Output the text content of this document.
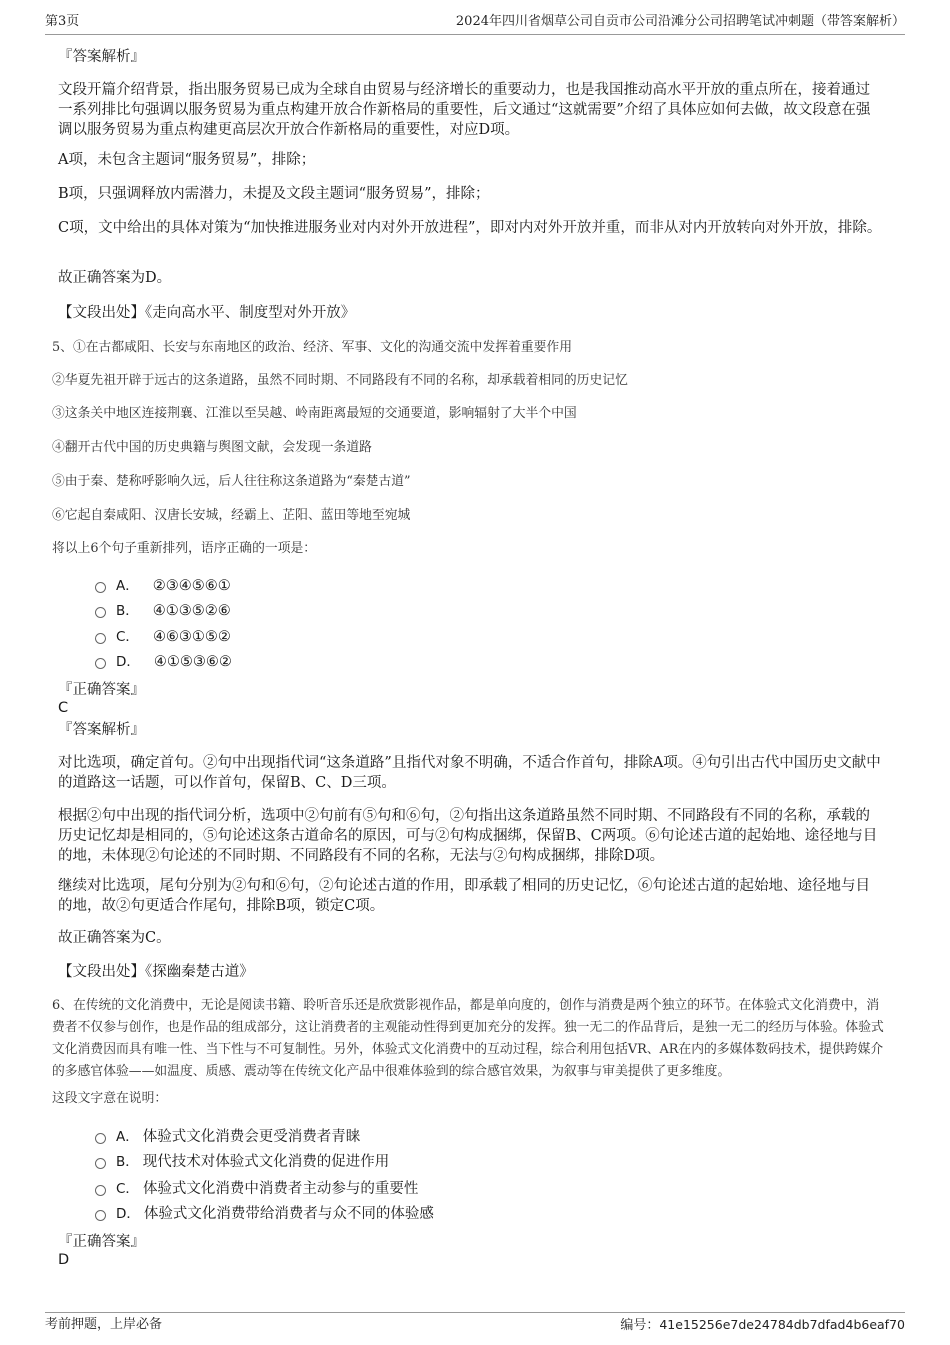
第3页	2024年四川省烟草公司自贡市公司沿滩分公司招聘笔试冲刺题（带答案解析）
『答案解析』
文段开篇介绍背景，指出服务贸易已成为全球自由贸易与经济增长的重要动力，也是我国推动高水平开放的重点所在，接着通过一系列排比句强调以服务贸易为重点构建开放合作新格局的重要性，后文通过“这就需要”介绍了具体应如何去做，故文段意在强调以服务贸易为重点构建更高层次开放合作新格局的重要性，对应D项。
A项，未包含主题词“服务贸易”，排除；
B项，只强调释放内需潜力，未提及文段主题词“服务贸易”，排除；
C项，文中给出的具体对策为“加快推进服务业对内对外开放进程”，即对内对外开放并重，而非从对内开放转向对外开放，排除。
故正确答案为D。
【文段出处】《走向高水平、制度型对外开放》
5、①在古都咸阳、长安与东南地区的政治、经济、军事、文化的沟通交流中发挥着重要作用
②华夏先祖开辟于远古的这条道路，虽然不同时期、不同路段有不同的名称，却承载着相同的历史记忆
③这条关中地区连接荆襄、江淮以至吴越、岭南距离最短的交通要道，影响辐射了大半个中国
④翻开古代中国的历史典籍与舆图文献，会发现一条道路
⑤由于秦、楚称呼影响久远，后人往往称这条道路为“秦楚古道”
⑥它起自秦咸阳、汉唐长安城，经霸上、芷阳、蓝田等地至宛城
将以上6个句子重新排列，语序正确的一项是：
A． ②③④⑤⑥①
B． ④①③⑤②⑥
C． ④⑥③①⑤②
D． ④①⑤③⑥②
『正确答案』
C
『答案解析』
对比选项，确定首句。②句中出现指代词“这条道路”且指代对象不明确，不适合作首句，排除A项。④句引出古代中国历史文献中的道路这一话题，可以作首句，保留B、C、D三项。
根据②句中出现的指代词分析，选项中②句前有⑤句和⑥句，②句指出这条道路虽然不同时期、不同路段有不同的名称，承载的历史记忆却是相同的，⑤句论述这条古道命名的原因，可与②句构成捆绑，保留B、C两项。⑥句论述古道的起始地、途径地与目的地，未体现②句论述的不同时期、不同路段有不同的名称，无法与②句构成捆绑，排除D项。
继续对比选项，尾句分别为②句和⑥句，②句论述古道的作用，即承载了相同的历史记忆，⑥句论述古道的起始地、途径地与目的地，故②句更适合作尾句，排除B项，锁定C项。
故正确答案为C。
【文段出处】《探幽秦楚古道》
6、在传统的文化消费中，无论是阅读书籍、聆听音乐还是欣赏影视作品，都是单向度的，创作与消费是两个独立的环节。在体验式文化消费中，消费者不仅参与创作，也是作品的组成部分，这让消费者的主观能动性得到更加充分的发挥。独一无二的作品背后，是独一无二的经历与体验。体验式文化消费因而具有唯一性、当下性与不可复制性。另外，体验式文化消费中的互动过程，综合利用包括VR、AR在内的多媒体数码技术，提供跨媒介的多感官体验——如温度、质感、震动等在传统文化产品中很难体验到的综合感官效果，为叙事与审美提供了更多维度。
这段文字意在说明：
A． 体验式文化消费会更受消费者青睐
B． 现代技术对体验式文化消费的促进作用
C． 体验式文化消费中消费者主动参与的重要性
D． 体验式文化消费带给消费者与众不同的体验感
『正确答案』
D
考前押题，上岸必备	编号：41e15256e7de24784db7dfad4b6eaf70
